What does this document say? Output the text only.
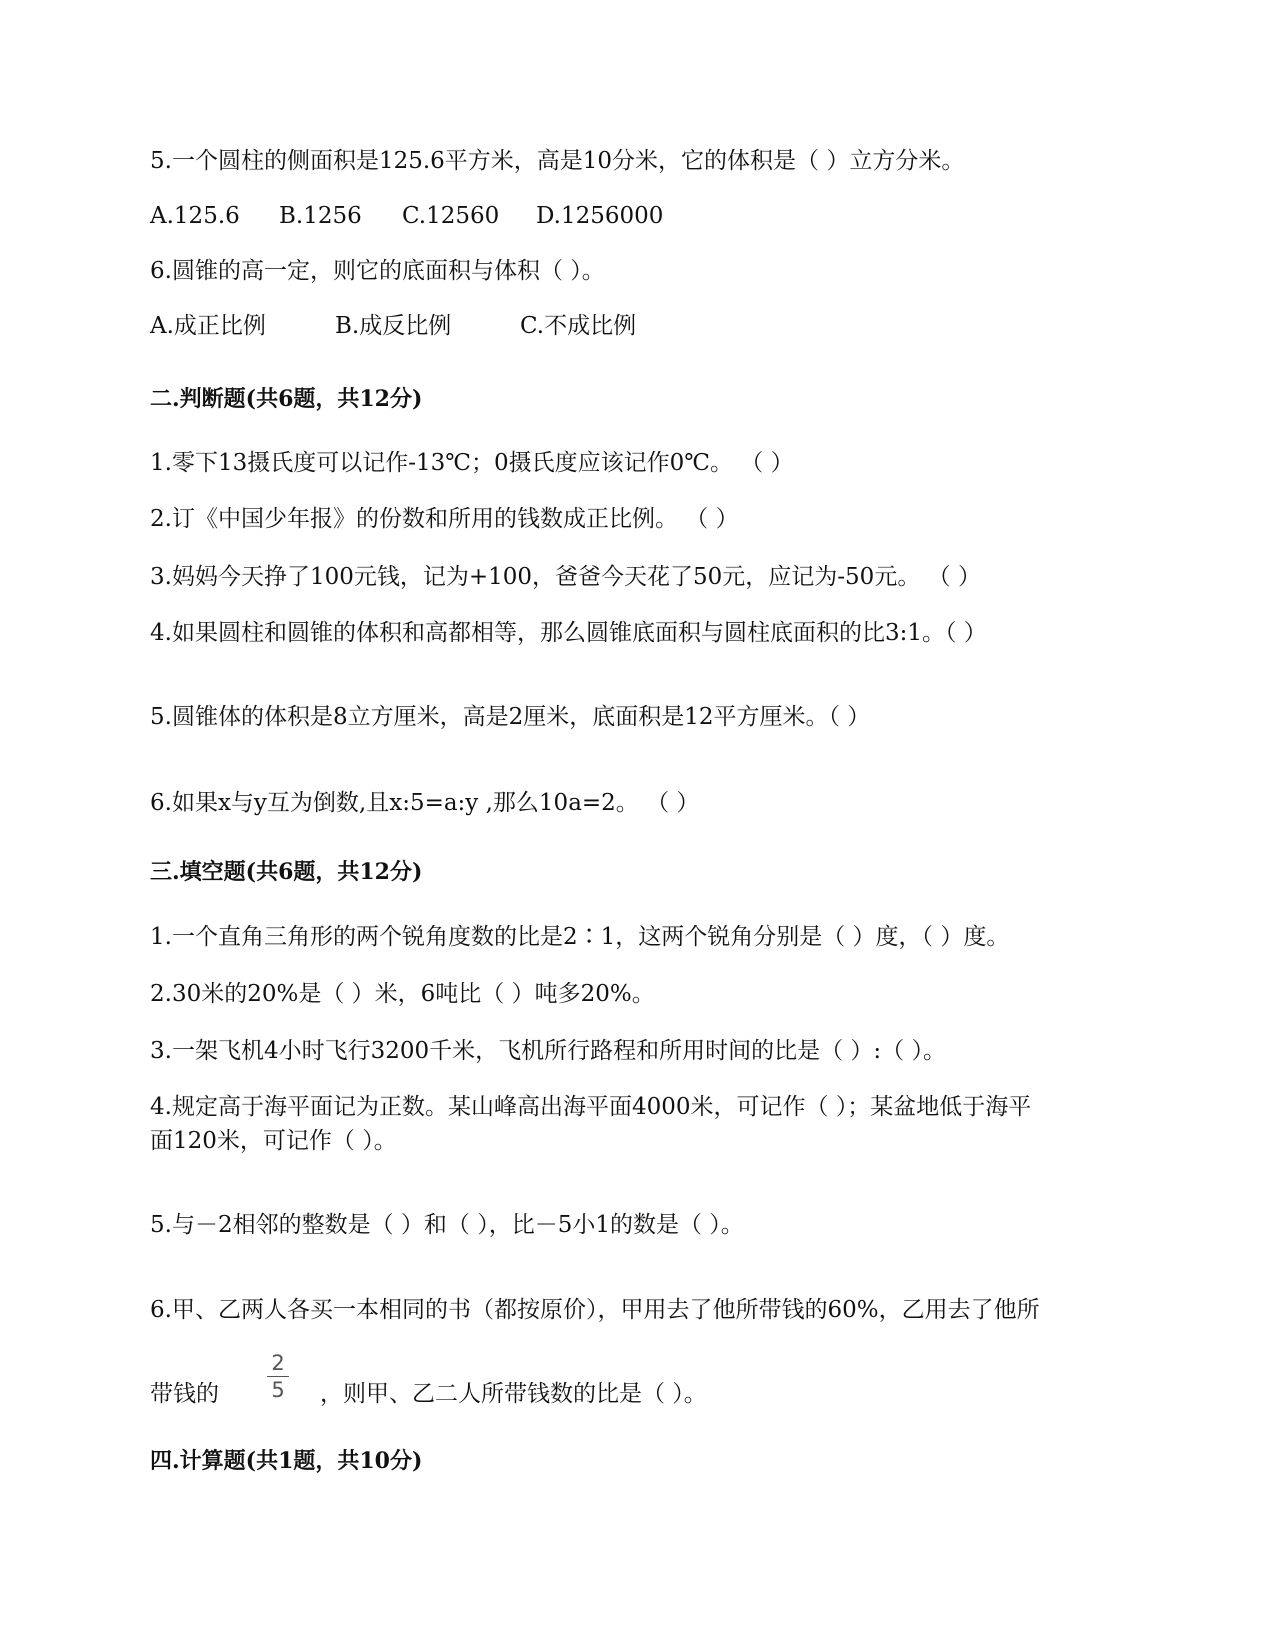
5.一个圆柱的侧面积是125.6平方米，高是10分米，它的体积是（ ）立方分米。
A.125.6 B.1256 C.12560 D.1256000
6.圆锥的高一定，则它的底面积与体积（ ）。
A.成正比例	B.成反比例	C.不成比例
二.判断题(共6题，共12分)
1.零下13摄氏度可以记作-13℃；0摄氏度应该记作0℃。 （ ）
2.订《中国少年报》的份数和所用的钱数成正比例。 （ ）
3.妈妈今天挣了100元钱，记为+100，爸爸今天花了50元，应记为-50元。 （ ）
4.如果圆柱和圆锥的体积和高都相等，那么圆锥底面积与圆柱底面积的比3:1。（ ）
5.圆锥体的体积是8立方厘米，高是2厘米，底面积是12平方厘米。（ ）
6.如果x与y互为倒数,且x:5=a:y ,那么10a=2。 （ ）
三.填空题(共6题，共12分)
1.一个直角三角形的两个锐角度数的比是2∶1，这两个锐角分别是（ ）度，（ ）度。
2.30米的20%是（ ）米，6吨比（ ）吨多20%。
3.一架飞机4小时飞行3200千米，飞机所行路程和所用时间的比是（ ）:（ ）。
4.规定高于海平面记为正数。某山峰高出海平面4000米，可记作（ ）；某盆地低于海平
面120米，可记作（ ）。
5.与－2相邻的整数是（ ）和（ ），比－5小1的数是（ ）。
6.甲、乙两人各买一本相同的书（都按原价），甲用去了他所带钱的60%，乙用去了他所
带钱的
2
5	，则甲、乙二人所带钱数的比是（ ）。
四.计算题(共1题，共10分)
